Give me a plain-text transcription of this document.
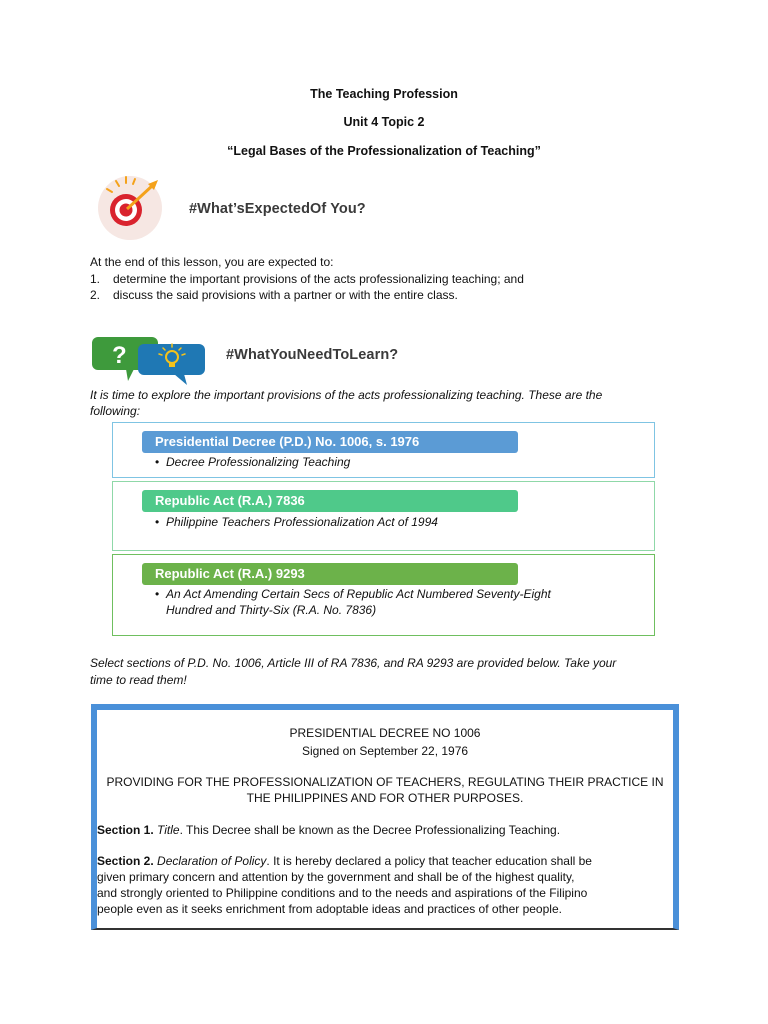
The Teaching Profession
Unit 4 Topic 2
“Legal Bases of the Professionalization of Teaching”
#What’sExpectedOf You?
At the end of this lesson, you are expected to:
1. determine the important provisions of the acts professionalizing teaching; and
2. discuss the said provisions with a partner or with the entire class.
?	#WhatYouNeedToLearn?
It is time to explore the important provisions of the acts professionalizing teaching. These are the
following:
Presidential Decree (P.D.) No. 1006, s. 1976
• Decree Professionalizing Teaching
Republic Act (R.A.) 7836
• Philippine Teachers Professionalization Act of 1994
Republic Act (R.A.) 9293
• An Act Amending Certain Secs of Republic Act Numbered Seventy-Eight
Hundred and Thirty-Six (R.A. No. 7836)
Select sections of P.D. No. 1006, Article III of RA 7836, and RA 9293 are provided below. Take your
time to read them!
PRESIDENTIAL DECREE NO 1006
Signed on September 22, 1976
PROVIDING FOR THE PROFESSIONALIZATION OF TEACHERS, REGULATING THEIR PRACTICE IN
THE PHILIPPINES AND FOR OTHER PURPOSES.
Section 1. Title. This Decree shall be known as the Decree Professionalizing Teaching.
Section 2. Declaration of Policy. It is hereby declared a policy that teacher education shall be
given primary concern and attention by the government and shall be of the highest quality,
and strongly oriented to Philippine conditions and to the needs and aspirations of the Filipino
people even as it seeks enrichment from adoptable ideas and practices of other people.
